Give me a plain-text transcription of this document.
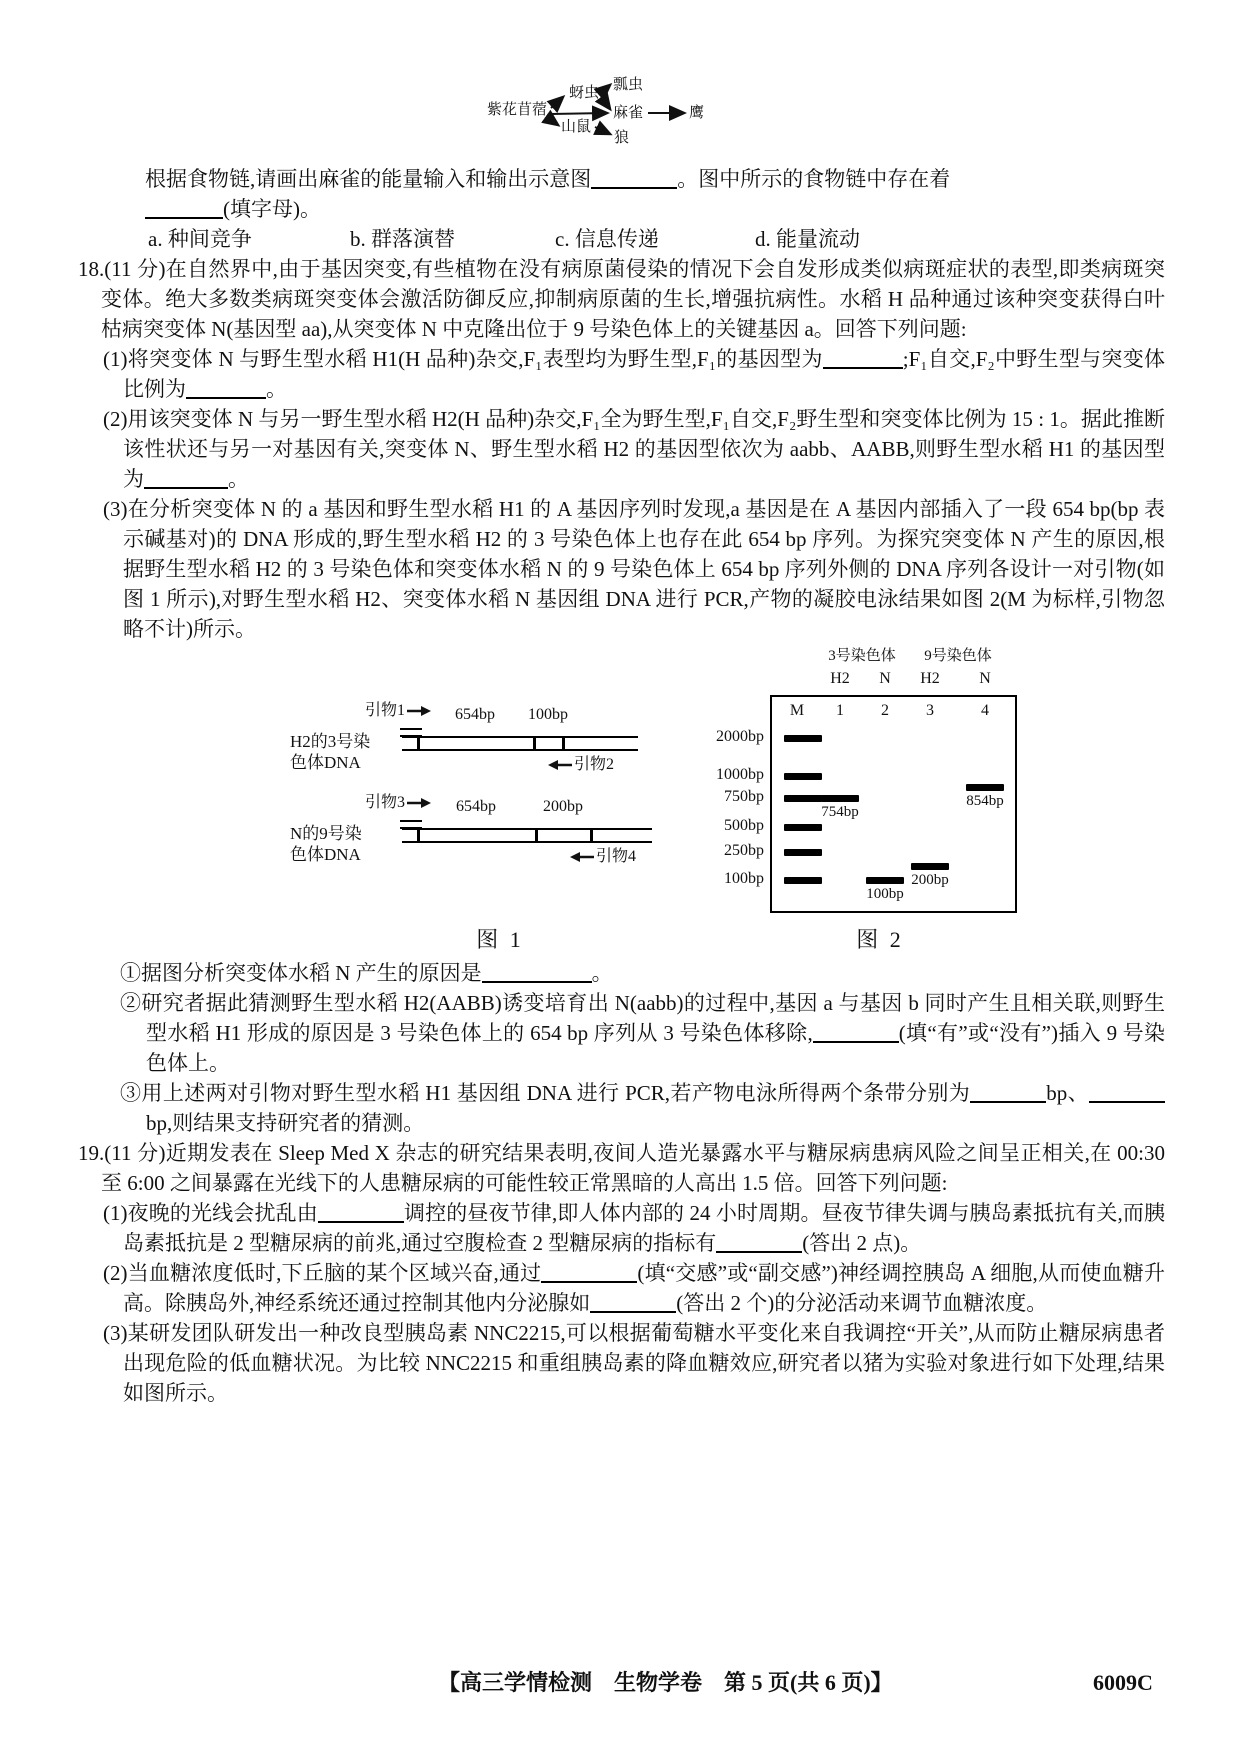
紫花苜蓿
蚜虫 瓢虫
麻雀	鹰
山鼠
狼

根据食物链,请画出麻雀的能量输入和输出示意图	。图中所示的食物链中存在着

(填字母)。

a. 种间竞争	b. 群落演替	c. 信息传递	d. 能量流动

18.(11 分)在自然界中,由于基因突变,有些植物在没有病原菌侵染的情况下会自发形成类似病斑症状的表型,即类病斑突变体。绝大多数类病斑突变体会激活防御反应,抑制病原菌的生长,增强抗病性。水稻 H 品种通过该种突变获得白叶枯病突变体 N(基因型 aa),从突变体 N 中克隆出位于 9 号染色体上的关键基因 a。回答下列问题:

(1)将突变体 N 与野生型水稻 H1(H 品种)杂交,F₁表型均为野生型,F₁的基因型为	;F₁自交,F₂中野生型与突变体比例为	。

(2)用该突变体 N 与另一野生型水稻 H2(H 品种)杂交,F₁全为野生型,F₁自交,F₂野生型和突变体比例为 15 : 1。据此推断该性状还与另一对基因有关,突变体 N、野生型水稻 H2 的基因型依次为 aabb、AABB,则野生型水稻 H1 的基因型为	。

(3)在分析突变体 N 的 a 基因和野生型水稻 H1 的 A 基因序列时发现,a 基因是在 A 基因内部插入了一段 654 bp(bp 表示碱基对)的 DNA 形成的,野生型水稻 H2 的 3 号染色体上也存在此 654 bp 序列。为探究突变体 N 产生的原因,根据野生型水稻 H2 的 3 号染色体和突变体水稻 N 的 9 号染色体上 654 bp 序列外侧的 DNA 序列各设计一对引物(如图 1 所示),对野生型水稻 H2、突变体水稻 N 基因组 DNA 进行 PCR,产物的凝胶电泳结果如图 2(M 为标样,引物忽略不计)所示。

引物1	654bp	100bp
H2的3号染
色体DNA	引物2
引物3	654bp	200bp
N的9号染
色体DNA	引物4
图 1
3号染色体	9号染色体
H2	N	H2	N
M	1	2	3	4
2000bp
1000bp
750bp
500bp
250bp
100bp
754bp
100bp
200bp
854bp
图 2

①据图分析突变体水稻 N 产生的原因是	。

②研究者据此猜测野生型水稻 H2(AABB)诱变培育出 N(aabb)的过程中,基因 a 与基因 b 同时产生且相关联,则野生型水稻 H1 形成的原因是 3 号染色体上的 654 bp 序列从 3 号染色体移除,	(填“有”或“没有”)插入 9 号染色体上。

③用上述两对引物对野生型水稻 H1 基因组 DNA 进行 PCR,若产物电泳所得两个条带分别为	bp、bp,则结果支持研究者的猜测。

19.(11 分)近期发表在 Sleep Med X 杂志的研究结果表明,夜间人造光暴露水平与糖尿病患病风险之间呈正相关,在 00:30 至 6:00 之间暴露在光线下的人患糖尿病的可能性较正常黑暗的人高出 1.5 倍。回答下列问题:

(1)夜晚的光线会扰乱由	调控的昼夜节律,即人体内部的 24 小时周期。昼夜节律失调与胰岛素抵抗有关,而胰岛素抵抗是 2 型糖尿病的前兆,通过空腹检查 2 型糖尿病的指标有	(答出 2 点)。

(2)当血糖浓度低时,下丘脑的某个区域兴奋,通过	(填“交感”或“副交感”)神经调控胰岛 A 细胞,从而使血糖升高。除胰岛外,神经系统还通过控制其他内分泌腺如	(答出 2 个)的分泌活动来调节血糖浓度。

(3)某研发团队研发出一种改良型胰岛素 NNC2215,可以根据葡萄糖水平变化来自我调控“开关”,从而防止糖尿病患者出现危险的低血糖状况。为比较 NNC2215 和重组胰岛素的降血糖效应,研究者以猪为实验对象进行如下处理,结果如图所示。

【高三学情检测　生物学卷　第 5 页(共 6 页)】	6009C
